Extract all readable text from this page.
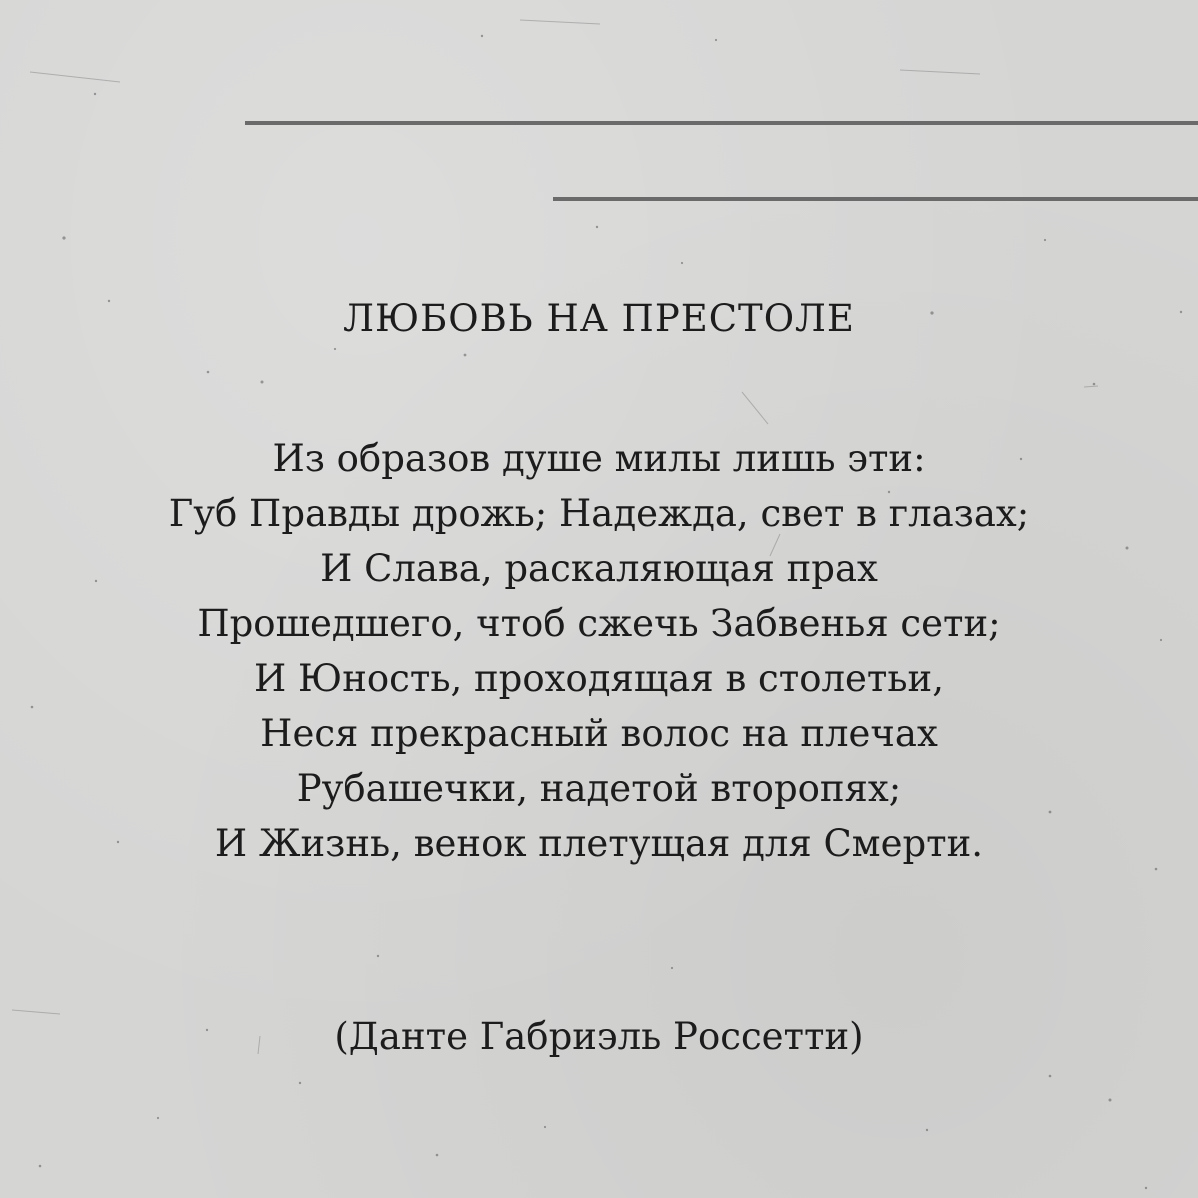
ЛЮБОВЬ НА ПРЕСТОЛЕ
Из образов душе милы лишь эти:
Губ Правды дрожь; Надежда, свет в глазах;
И Слава, раскаляющая прах
Прошедшего, чтоб сжечь Забвенья сети;
И Юность, проходящая в столетьи,
Неся прекрасный волос на плечах
Рубашечки, надетой второпях;
И Жизнь, венок плетущая для Смерти.

(Данте Габриэль Россетти)
